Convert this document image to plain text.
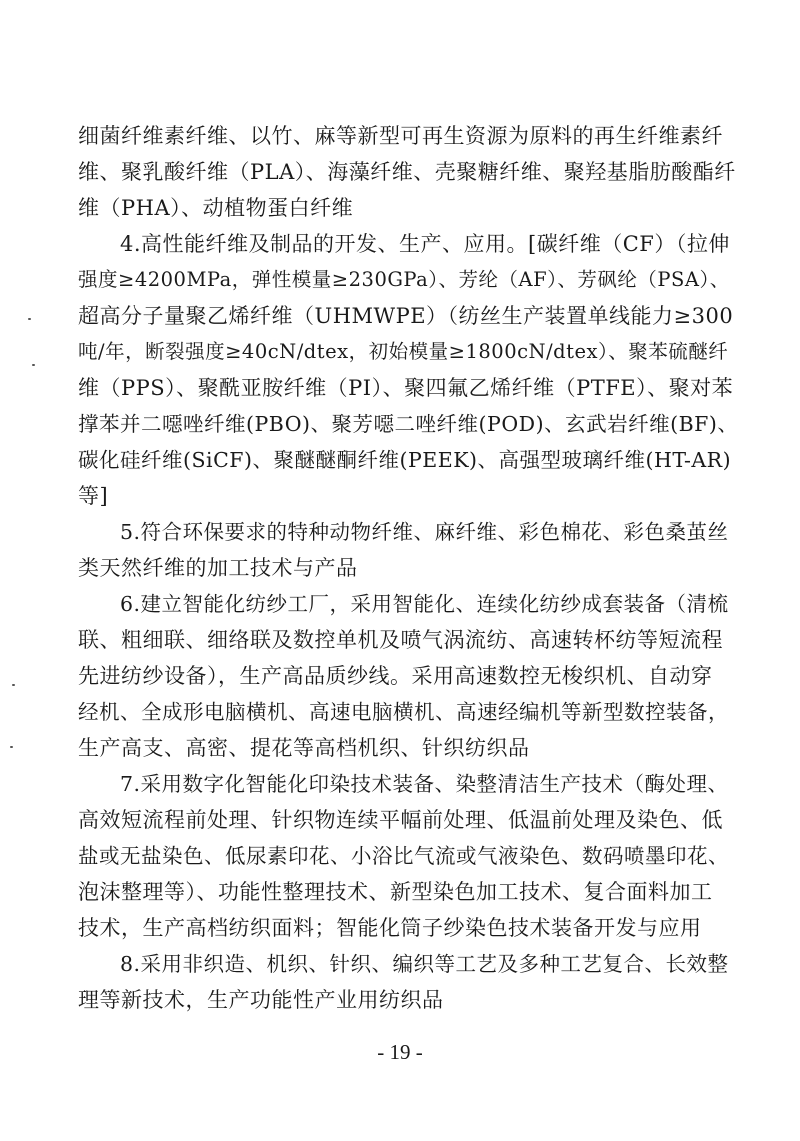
细菌纤维素纤维、以竹、麻等新型可再生资源为原料的再生纤维素纤
维、聚乳酸纤维（PLA）、海藻纤维、壳聚糖纤维、聚羟基脂肪酸酯纤
维（PHA）、动植物蛋白纤维
4.高性能纤维及制品的开发、生产、应用。[碳纤维（CF）（拉伸
强度≥4200MPa，弹性模量≥230GPa）、芳纶（AF）、芳砜纶（PSA）、
超高分子量聚乙烯纤维（UHMWPE）（纺丝生产装置单线能力≥300
吨/年，断裂强度≥40cN/dtex，初始模量≥1800cN/dtex）、聚苯硫醚纤
维（PPS）、聚酰亚胺纤维（PI）、聚四氟乙烯纤维（PTFE）、聚对苯
撑苯并二噁唑纤维(PBO)、聚芳噁二唑纤维(POD)、玄武岩纤维(BF)、
碳化硅纤维(SiCF)、聚醚醚酮纤维(PEEK)、高强型玻璃纤维(HT-AR)
等]
5.符合环保要求的特种动物纤维、麻纤维、彩色棉花、彩色桑茧丝
类天然纤维的加工技术与产品
6.建立智能化纺纱工厂，采用智能化、连续化纺纱成套装备（清梳
联、粗细联、细络联及数控单机及喷气涡流纺、高速转杯纺等短流程
先进纺纱设备），生产高品质纱线。采用高速数控无梭织机、自动穿
经机、全成形电脑横机、高速电脑横机、高速经编机等新型数控装备，
生产高支、高密、提花等高档机织、针织纺织品
7.采用数字化智能化印染技术装备、染整清洁生产技术（酶处理、
高效短流程前处理、针织物连续平幅前处理、低温前处理及染色、低
盐或无盐染色、低尿素印花、小浴比气流或气液染色、数码喷墨印花、
泡沫整理等）、功能性整理技术、新型染色加工技术、复合面料加工
技术，生产高档纺织面料；智能化筒子纱染色技术装备开发与应用
8.采用非织造、机织、针织、编织等工艺及多种工艺复合、长效整
理等新技术，生产功能性产业用纺织品
- 19 -
